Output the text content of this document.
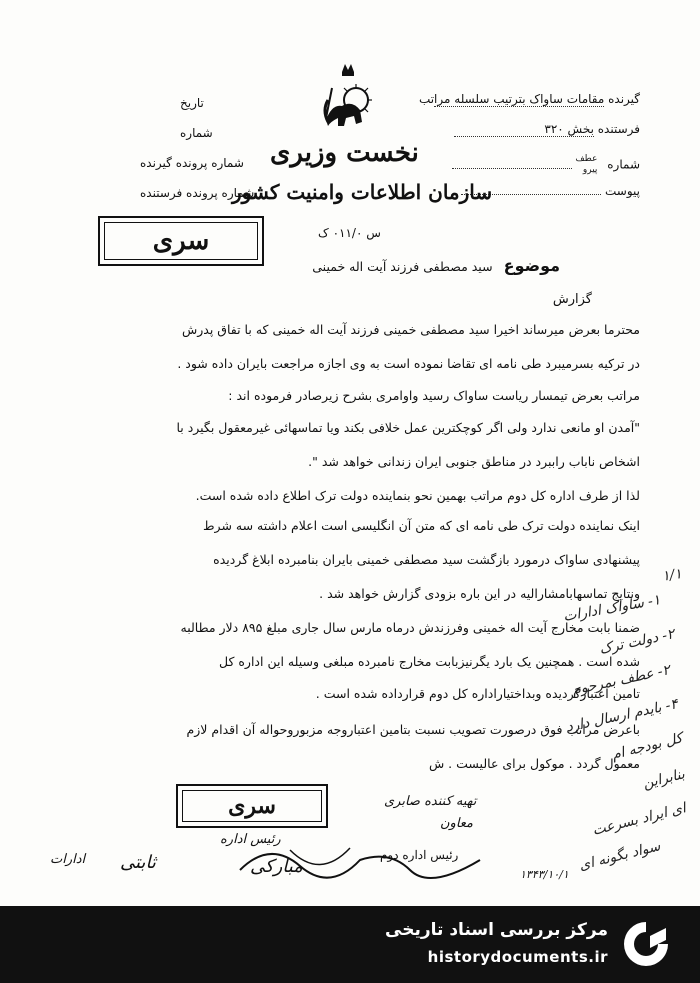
گیرنده مقامات ساواک بترتیب سلسله مراتب
فرستنده بخش ۳۲۰
شماره
عطف
پیرو

پیوست
تاریخ
شماره
شماره پرونده گیرنده
شماره پرونده فرستنده
نخست وزیری
سازمان اطلاعات وامنیت کشور
س ۰۱۱/۰ ک
سری
موضوع سید مصطفی فرزند آیت اله خمینی
گزارش
محترما بعرض میرساند اخیرا سید مصطفی خمینی فرزند آیت اله خمینی که با تفاق پدرش
در ترکیه بسرمیبرد طی نامه ای تقاضا نموده است به وی اجازه مراجعت بایران داده شود .
مراتب بعرض تیمسار ریاست ساواک رسید واوامری بشرح زیرصادر فرموده اند :
"آمدن او مانعی ندارد ولی اگر کوچکترین عمل خلافی بکند ویا تماسهائی غیرمعقول بگیرد با
اشخاص ناباب راببرد در مناطق جنوبی ایران زندانی خواهد شد ".
لذا از طرف اداره کل دوم مراتب بهمین نحو بنماینده دولت ترک اطلاع داده شده است.
اینک نماینده دولت ترک طی نامه ای که متن آن انگلیسی است اعلام داشته سه شرط
پیشنهادی ساواک درمورد بازگشت سید مصطفی خمینی بایران بنامبرده ابلاغ گردیده
ونتایج تماسهابامشارالیه در این باره بزودی گزارش خواهد شد .
ضمنا بابت مخارج آیت اله خمینی وفرزندش درماه مارس سال جاری مبلغ ۸۹۵ دلار مطالبه
شده است . همچنین یک بارد یگرنیزبابت مخارج نامبرده مبلغی وسیله این اداره کل
تامین اعتبارگردیده وبداختیاراداره کل دوم قرارداده شده است .
باعرض مراتب فوق درصورت تصویب نسبت بتامین اعتباروجه مزبوروحواله آن اقدام لازم
معمول گردد . موکول برای عالیست . ش
۱/۱
۱- ساواک ادارات
۲- دولت ترک
۲- عطف بمرحوم
۴- بایدم ارسال دارد
کل بودجه ام
بنابراین
ای ایراد بسرعت
سواد بگونه ای
سری	تهیه کننده صابری
معاون
رئیس اداره دوم
رئیس اداره
۱۳۴۳/۱۰/۱
مبارکی
ثابتی
ادارات
مرکز بررسی اسناد تاریخی
historydocuments.ir
